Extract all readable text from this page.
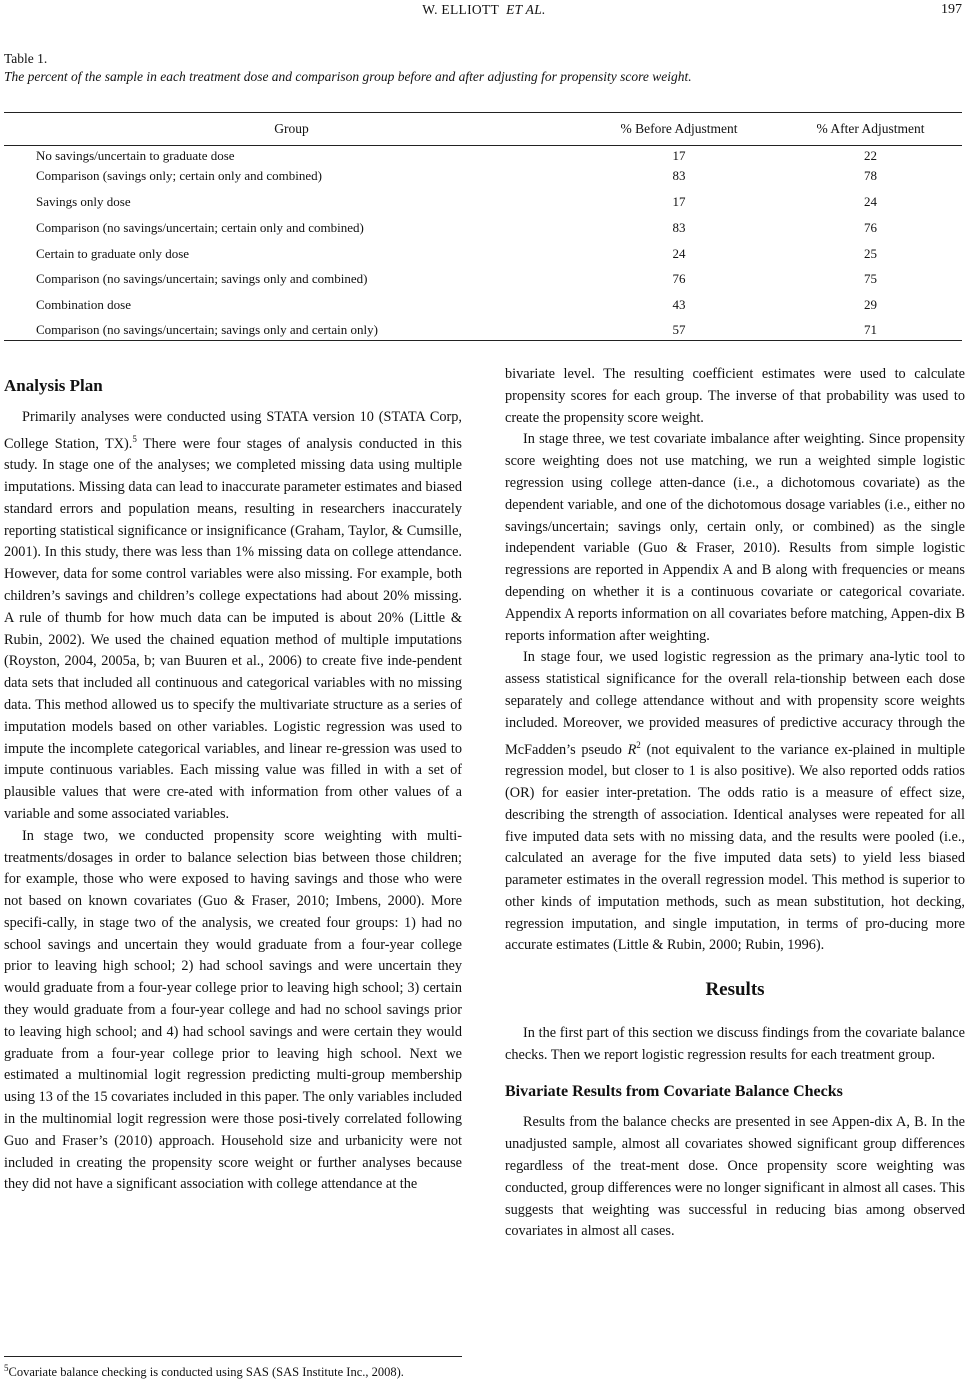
W. ELLIOTT ET AL.	197
Table 1.
The percent of the sample in each treatment dose and comparison group before and after adjusting for propensity score weight.
Group	% Before Adjustment	% After Adjustment
No savings/uncertain to graduate dose	17	22
Comparison (savings only; certain only and combined)	83	78
Savings only dose	17	24
Comparison (no savings/uncertain; certain only and combined)	83	76
Certain to graduate only dose	24	25
Comparison (no savings/uncertain; savings only and combined)	76	75
Combination dose	43	29
Comparison (no savings/uncertain; savings only and certain only)	57	71
Analysis Plan

Primarily analyses were conducted using STATA version 10 (STATA Corp, College Station, TX).$^5$ There were four stages of analysis conducted in this study. In stage one of the analyses; we completed missing data using multiple imputations. Missing data can lead to inaccurate parameter estimates and biased standard errors and population means, resulting in researchers inaccurately reporting statistical significance or insignificance (Graham, Taylor, & Cumsille, 2001). In this study, there was less than 1% missing data on college attendance. However, data for some control variables were also missing. For example, both children’s savings and children’s college expectations had about 20% missing. A rule of thumb for how much data can be imputed is about 20% (Little & Rubin, 2002). We used the chained equation method of multiple imputations (Royston, 2004, 2005a, b; van Buuren et al., 2006) to create five inde-pendent data sets that included all continuous and categorical variables with no missing data. This method allowed us to specify the multivariate structure as a series of imputation models based on other variables. Logistic regression was used to impute the incomplete categorical variables, and linear re-gression was used to impute continuous variables. Each missing value was filled in with a set of plausible values that were cre-ated with information from other values of a variable and some associated variables.

In stage two, we conducted propensity score weighting with multi-treatments/dosages in order to balance selection bias between those children; for example, those who were exposed to having savings and those who were not based on known covariates (Guo & Fraser, 2010; Imbens, 2000). More specifi-cally, in stage two of the analysis, we created four groups: 1) had no school savings and uncertain they would graduate from a four-year college prior to leaving high school; 2) had school savings and were uncertain they would graduate from a four-year college prior to leaving high school; 3) certain they would graduate from a four-year college and had no school savings prior to leaving high school; and 4) had school savings and were certain they would graduate from a four-year college prior to leaving high school. Next we estimated a multinomial logit regression predicting multi-group membership using 13 of the 15 covariates included in this paper. The only variables included in the multinomial logit regression were those posi-tively correlated following Guo and Fraser’s (2010) approach. Household size and urbanicity were not included in creating the propensity score weight or further analyses because they did not have a significant association with college attendance at the

$^5$Covariate balance checking is conducted using SAS (SAS Institute Inc., 2008).

bivariate level. The resulting coefficient estimates were used to calculate propensity scores for each group. The inverse of that probability was used to create the propensity score weight.

In stage three, we test covariate imbalance after weighting. Since propensity score weighting does not use matching, we run a weighted simple logistic regression using college atten-dance (i.e., a dichotomous covariate) as the dependent variable, and one of the dichotomous dosage variables (i.e., either no savings/uncertain; savings only, certain only, or combined) as the single independent variable (Guo & Fraser, 2010). Results from simple logistic regressions are reported in Appendix A and B along with frequencies or means depending on whether it is a continuous covariate or categorical covariate. Appendix A reports information on all covariates before matching, Appen-dix B reports information after weighting.

In stage four, we used logistic regression as the primary ana-lytic tool to assess statistical significance for the overall rela-tionship between each dose separately and college attendance without and with propensity score weights included. Moreover, we provided measures of predictive accuracy through the McFadden’s pseudo $R^2$ (not equivalent to the variance ex-plained in multiple regression model, but closer to 1 is also positive). We also reported odds ratios (OR) for easier inter-pretation. The odds ratio is a measure of effect size, describing the strength of association. Identical analyses were repeated for all five imputed data sets with no missing data, and the results were pooled (i.e., calculated an average for the five imputed data sets) to yield less biased parameter estimates in the overall regression model. This method is superior to other kinds of imputation methods, such as mean substitution, hot decking, regression imputation, and single imputation, in terms of pro-ducing more accurate estimates (Little & Rubin, 2000; Rubin, 1996).

Results

In the first part of this section we discuss findings from the covariate balance checks. Then we report logistic regression results for each treatment group.

Bivariate Results from Covariate Balance Checks

Results from the balance checks are presented in see Appen-dix A, B. In the unadjusted sample, almost all covariates showed significant group differences regardless of the treat-ment dose. Once propensity score weighting was conducted, group differences were no longer significant in almost all cases. This suggests that weighting was successful in reducing bias among observed covariates in almost all cases.
